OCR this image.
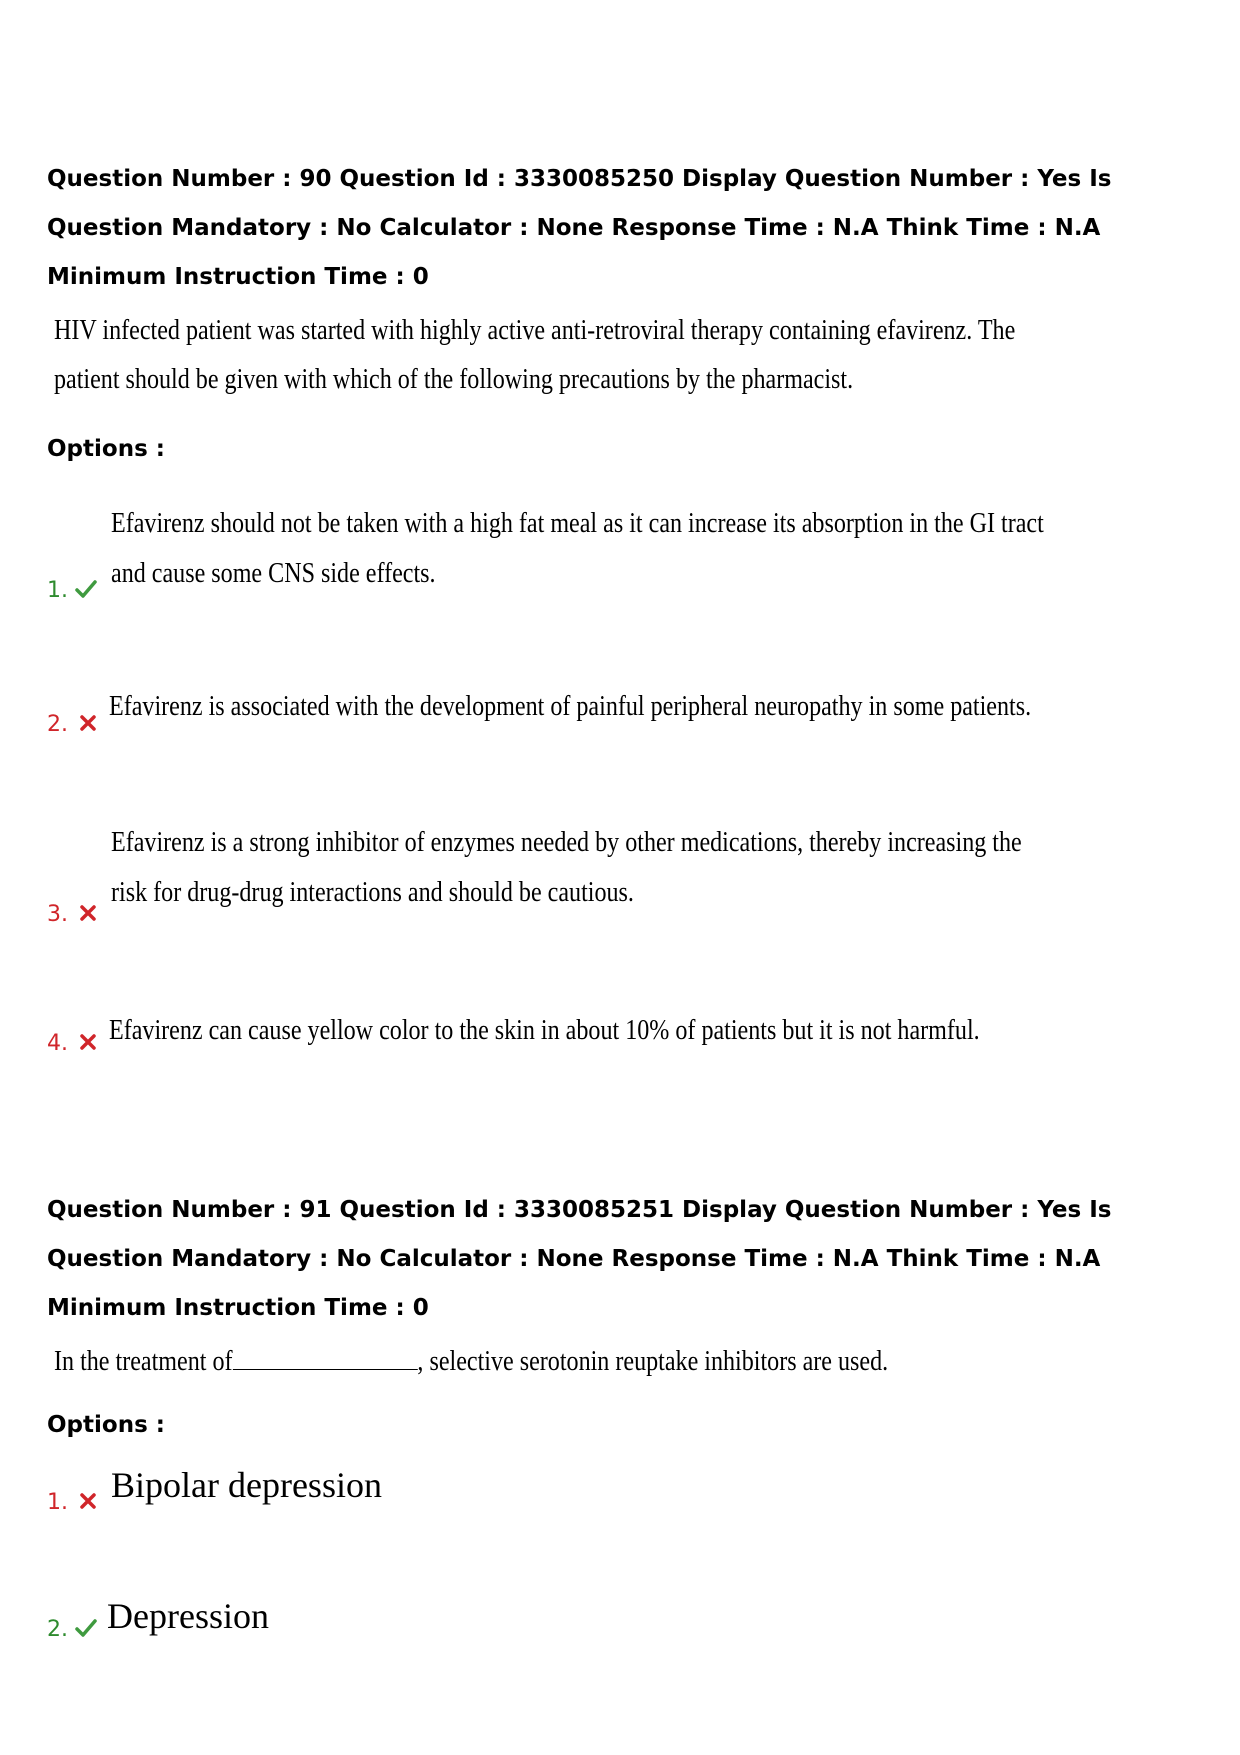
Question Number : 90 Question Id : 3330085250 Display Question Number : Yes Is Question Mandatory : No Calculator : None Response Time : N.A Think Time : N.A Minimum Instruction Time : 0

HIV infected patient was started with highly active anti-retroviral therapy containing efavirenz. The
patient should be given with which of the following precautions by the pharmacist.
Options :
1.
Efavirenz should not be taken with a high fat meal as it can increase its absorption in the GI tract
and cause some CNS side effects.
2.
Efavirenz is associated with the development of painful peripheral neuropathy in some patients.
3.
Efavirenz is a strong inhibitor of enzymes needed by other medications, thereby increasing the
risk for drug-drug interactions and should be cautious.
4. Efavirenz can cause yellow color to the skin in about 10% of patients but it is not harmful.

Question Number : 91 Question Id : 3330085251 Display Question Number : Yes Is Question Mandatory : No Calculator : None Response Time : N.A Think Time : N.A Minimum Instruction Time : 0

In the treatment of	, selective serotonin reuptake inhibitors are used.
Options :
1. Bipolar depression
2. Depression
